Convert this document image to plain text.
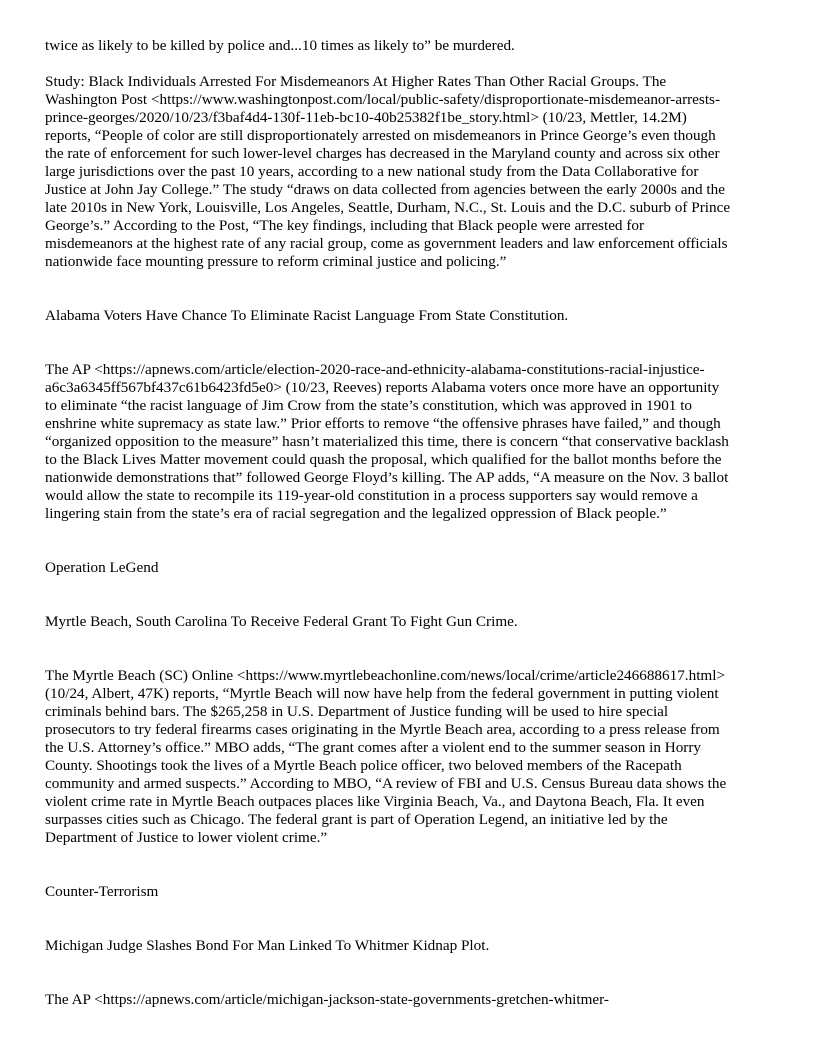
twice as likely to be killed by police and...10 times as likely to” be murdered.

Study: Black Individuals Arrested For Misdemeanors At Higher Rates Than Other Racial Groups. The
Washington Post <https://www.washingtonpost.com/local/public-safety/disproportionate-misdemeanor-arrests-
prince-georges/2020/10/23/f3baf4d4-130f-11eb-bc10-40b25382f1be_story.html> (10/23, Mettler, 14.2M)
reports, “People of color are still disproportionately arrested on misdemeanors in Prince George’s even though
the rate of enforcement for such lower-level charges has decreased in the Maryland county and across six other
large jurisdictions over the past 10 years, according to a new national study from the Data Collaborative for
Justice at John Jay College.” The study “draws on data collected from agencies between the early 2000s and the
late 2010s in New York, Louisville, Los Angeles, Seattle, Durham, N.C., St. Louis and the D.C. suburb of Prince
George’s.” According to the Post, “The key findings, including that Black people were arrested for
misdemeanors at the highest rate of any racial group, come as government leaders and law enforcement officials
nationwide face mounting pressure to reform criminal justice and policing.”

Alabama Voters Have Chance To Eliminate Racist Language From State Constitution.

The AP <https://apnews.com/article/election-2020-race-and-ethnicity-alabama-constitutions-racial-injustice-
a6c3a6345ff567bf437c61b6423fd5e0> (10/23, Reeves) reports Alabama voters once more have an opportunity
to eliminate “the racist language of Jim Crow from the state’s constitution, which was approved in 1901 to
enshrine white supremacy as state law.” Prior efforts to remove “the offensive phrases have failed,” and though
“organized opposition to the measure” hasn’t materialized this time, there is concern “that conservative backlash
to the Black Lives Matter movement could quash the proposal, which qualified for the ballot months before the
nationwide demonstrations that” followed George Floyd’s killing. The AP adds, “A measure on the Nov. 3 ballot
would allow the state to recompile its 119-year-old constitution in a process supporters say would remove a
lingering stain from the state’s era of racial segregation and the legalized oppression of Black people.”

Operation LeGend

Myrtle Beach, South Carolina To Receive Federal Grant To Fight Gun Crime.

The Myrtle Beach (SC) Online <https://www.myrtlebeachonline.com/news/local/crime/article246688617.html>
(10/24, Albert, 47K) reports, “Myrtle Beach will now have help from the federal government in putting violent
criminals behind bars. The $265,258 in U.S. Department of Justice funding will be used to hire special
prosecutors to try federal firearms cases originating in the Myrtle Beach area, according to a press release from
the U.S. Attorney’s office.” MBO adds, “The grant comes after a violent end to the summer season in Horry
County. Shootings took the lives of a Myrtle Beach police officer, two beloved members of the Racepath
community and armed suspects.” According to MBO, “A review of FBI and U.S. Census Bureau data shows the
violent crime rate in Myrtle Beach outpaces places like Virginia Beach, Va., and Daytona Beach, Fla. It even
surpasses cities such as Chicago. The federal grant is part of Operation Legend, an initiative led by the
Department of Justice to lower violent crime.”

Counter-Terrorism

Michigan Judge Slashes Bond For Man Linked To Whitmer Kidnap Plot.

The AP <https://apnews.com/article/michigan-jackson-state-governments-gretchen-whitmer-
